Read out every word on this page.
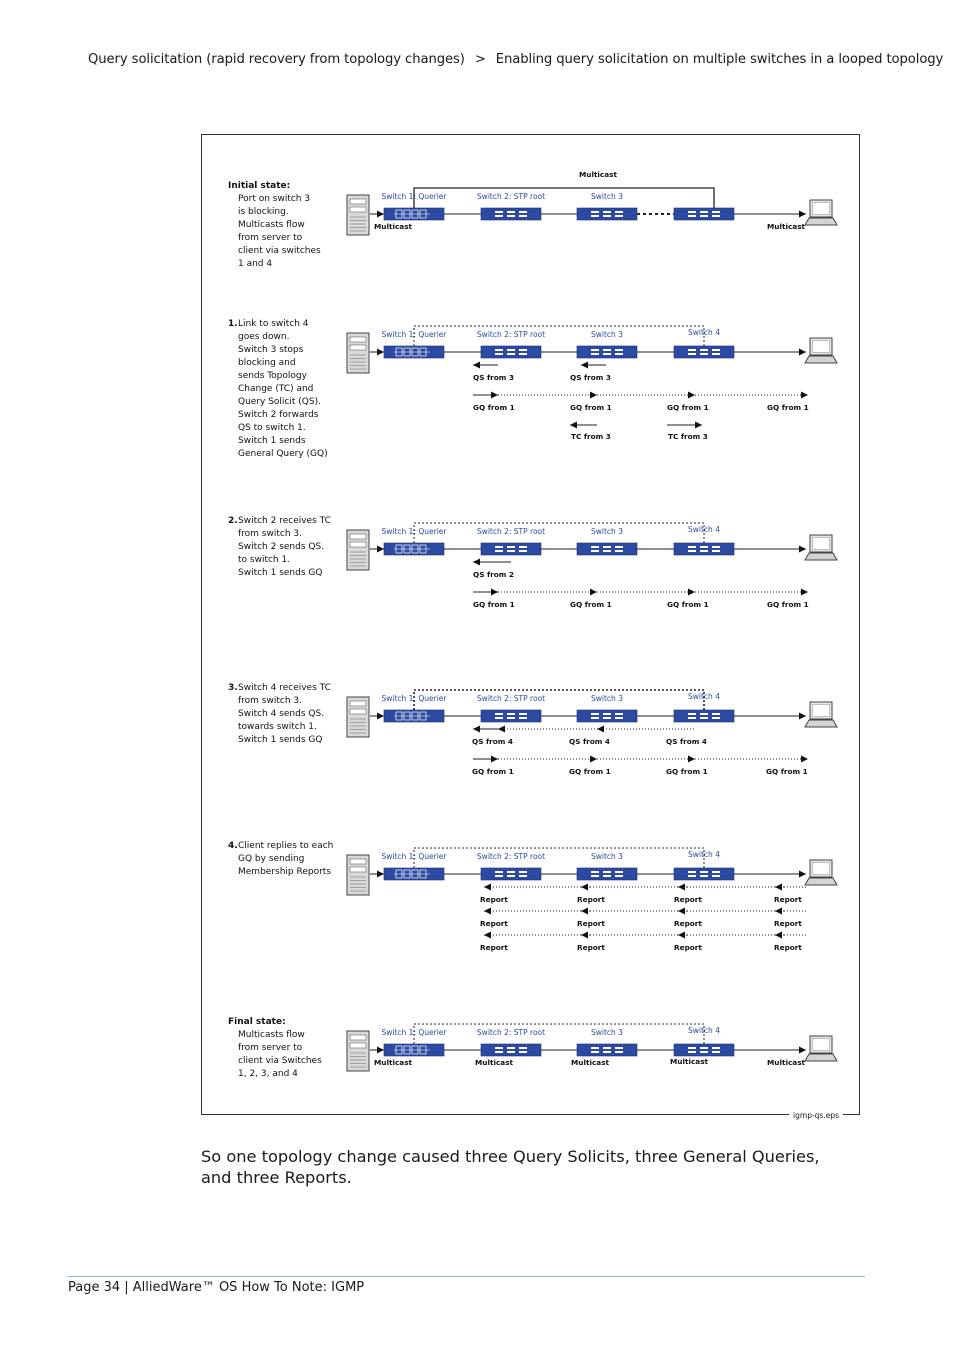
Query solicitation (rapid recovery from topology changes) > Enabling query solicitation on multiple switches in a looped topology
Initial state:
Port on switch 3
is blocking.
Multicasts flow
from server to
client via switches
1 and 4
Switch 1: Querier	Switch 2: STP root	Switch 3
Multicast
Multicast	Multicast
1. Link to switch 4
goes down.
Switch 3 stops
blocking and
sends Topology
Change (TC) and
Query Solicit (QS).
Switch 2 forwards
QS to switch 1.
Switch 1 sends
General Query (GQ)
Switch 1: Querier	Switch 2: STP root	Switch 3	Switch 4
QS from 3	QS from 3
GQ from 1	GQ from 1	GQ from 1	GQ from 1
TC from 3	TC from 3
2. Switch 2 receives TC
from switch 3.
Switch 2 sends QS.
to switch 1.
Switch 1 sends GQ
Switch 1: Querier	Switch 2: STP root	Switch 3	Switch 4
QS from 2
GQ from 1	GQ from 1	GQ from 1	GQ from 1
3. Switch 4 receives TC
from switch 3.
Switch 4 sends QS.
towards switch 1.
Switch 1 sends GQ
Switch 1: Querier	Switch 2: STP root	Switch 3	Switch 4
QS from 4	QS from 4	QS from 4
GQ from 1	GQ from 1	GQ from 1	GQ from 1
4. Client replies to each
GQ by sending
Membership Reports
Switch 1: Querier	Switch 2: STP root	Switch 3	Switch 4
Report	Report	Report	Report
Report	Report	Report	Report
Report	Report	Report	Report
Final state:
Multicasts flow
from server to
client via Switches
1, 2, 3, and 4
Switch 1: Querier	Switch 2: STP root	Switch 3	Switch 4
Multicast	Multicast	Multicast	Multicast	Multicast
igmp-qs.eps
So one topology change caused three Query Solicits, three General Queries, and three Reports.
Page 34 | AlliedWare™ OS How To Note: IGMP
